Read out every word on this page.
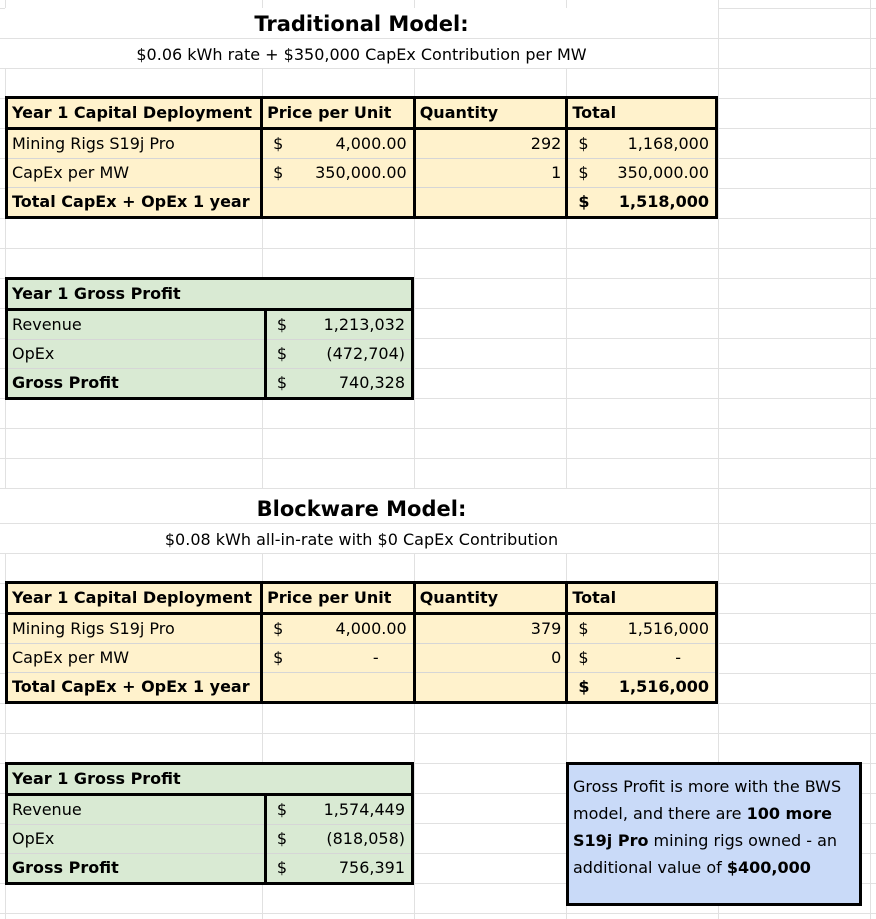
Traditional Model:
$0.06 kWh rate + $350,000 CapEx Contribution per MW
Year 1 Capital Deployment	Price per Unit	Quantity	Total
Mining Rigs S19j Pro	$ 4,000.00	292	$ 1,168,000

CapEx per MW	$ 350,000.00	1	$ 350,000.00

Total CapEx + OpEx 1 year			$ 1,518,000
Year 1 Gross Profit	
Revenue	$ 1,213,032

OpEx	$ (472,704)

Gross Profit	$ 740,328
Blockware Model:
$0.08 kWh all-in-rate with $0 CapEx Contribution
Year 1 Capital Deployment	Price per Unit	Quantity	Total
Mining Rigs S19j Pro	$ 4,000.00	379	$ 1,516,000

CapEx per MW	$ -	0	$ -

Total CapEx + OpEx 1 year			$ 1,516,000
Year 1 Gross Profit	
Revenue	$ 1,574,449

OpEx	$ (818,058)

Gross Profit	$ 756,391
Gross Profit is more with the BWS model, and there are 100 more S19j Pro mining rigs owned - an additional value of $400,000
